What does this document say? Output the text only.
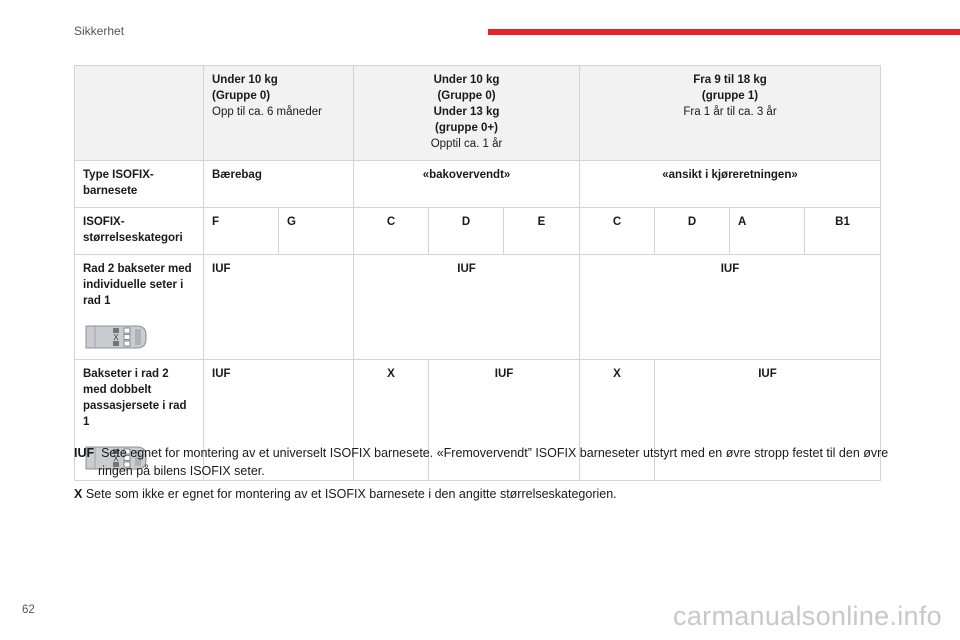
Sikkerhet
	Under 10 kg
(Gruppe 0)
Opp til ca. 6 måneder		Under 10 kg
(Gruppe 0)
Under 13 kg
(gruppe 0+)
Opptil ca. 1 år			Fra 9 til 18 kg
(gruppe 1)
Fra 1 år til ca. 3 år			
Type ISOFIX-barnesete	Bærebag		«bakovervendt»			«ansikt i kjøreretningen»			
ISOFIX-størrelseskategori	F	G	C	D	E	C	D	A	B1
Rad 2 bakseter med individuelle seter i rad 1	IUF		IUF			IUF			
Bakseter i rad 2 med dobbelt passasjersete i rad 1	IUF		X	IUF		X	IUF		
IUF Sete egnet for montering av et universelt ISOFIX barnesete. «Fremovervendt” ISOFIX barneseter utstyrt med en øvre stropp festet til den øvre ringen på bilens ISOFIX seter.
X Sete som ikke er egnet for montering av et ISOFIX barnesete i den angitte størrelseskategorien.
62	carmanualsonline.info
